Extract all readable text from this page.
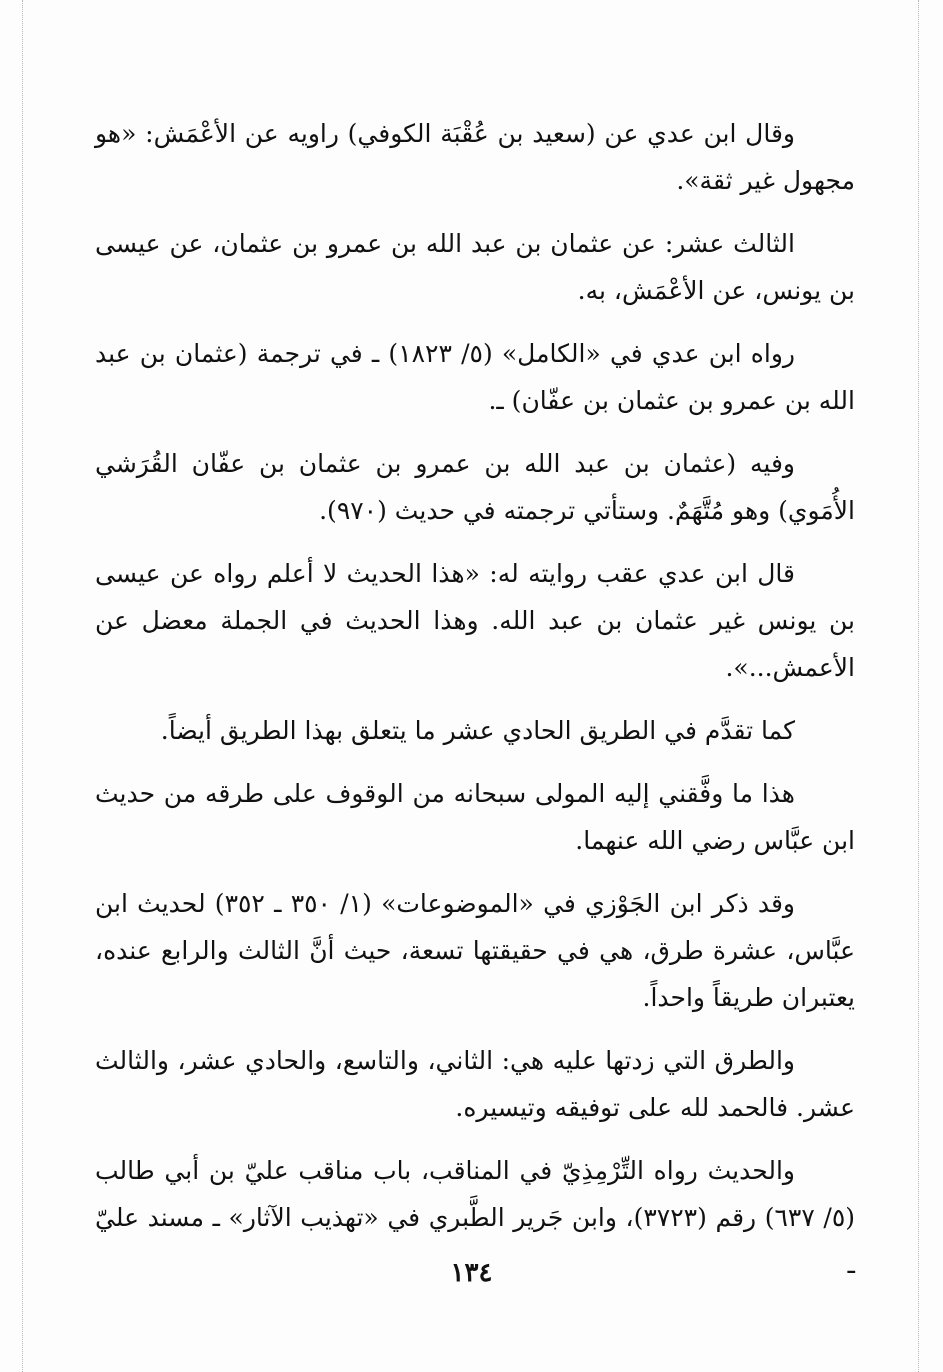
وقال ابن عدي عن (سعيد بن عُقْبَة الكوفي) راويه عن الأعْمَش: «هو مجهول غير ثقة».

الثالث عشر: عن عثمان بن عبد الله بن عمرو بن عثمان، عن عيسى بن يونس، عن الأعْمَش، به.

رواه ابن عدي في «الكامل» (٥/ ١٨٢٣) ـ في ترجمة (عثمان بن عبد الله بن عمرو بن عثمان بن عفّان) ـ.

وفيه (عثمان بن عبد الله بن عمرو بن عثمان بن عفّان القُرَشي الأُمَوي) وهو مُتَّهَمٌ. وستأتي ترجمته في حديث (٩٧٠).

قال ابن عدي عقب روايته له: «هذا الحديث لا أعلم رواه عن عيسى بن يونس غير عثمان بن عبد الله. وهذا الحديث في الجملة معضل عن الأعمش...».

كما تقدَّم في الطريق الحادي عشر ما يتعلق بهذا الطريق أيضاً.

هذا ما وفَّقني إليه المولى سبحانه من الوقوف على طرقه من حديث ابن عبَّاس رضي الله عنهما.

وقد ذكر ابن الجَوْزي في «الموضوعات» (١/ ٣٥٠ ـ ٣٥٢) لحديث ابن عبَّاس، عشرة طرق، هي في حقيقتها تسعة، حيث أنَّ الثالث والرابع عنده، يعتبران طريقاً واحداً.

والطرق التي زدتها عليه هي: الثاني، والتاسع، والحادي عشر، والثالث عشر. فالحمد لله على توفيقه وتيسيره.

والحديث رواه التِّرْمِذِيّ في المناقب، باب مناقب عليّ بن أبي طالب (٥/ ٦٣٧) رقم (٣٧٢٣)، وابن جَرير الطَّبري في «تهذيب الآثار» ـ مسند عليّ ـ

١٣٤
